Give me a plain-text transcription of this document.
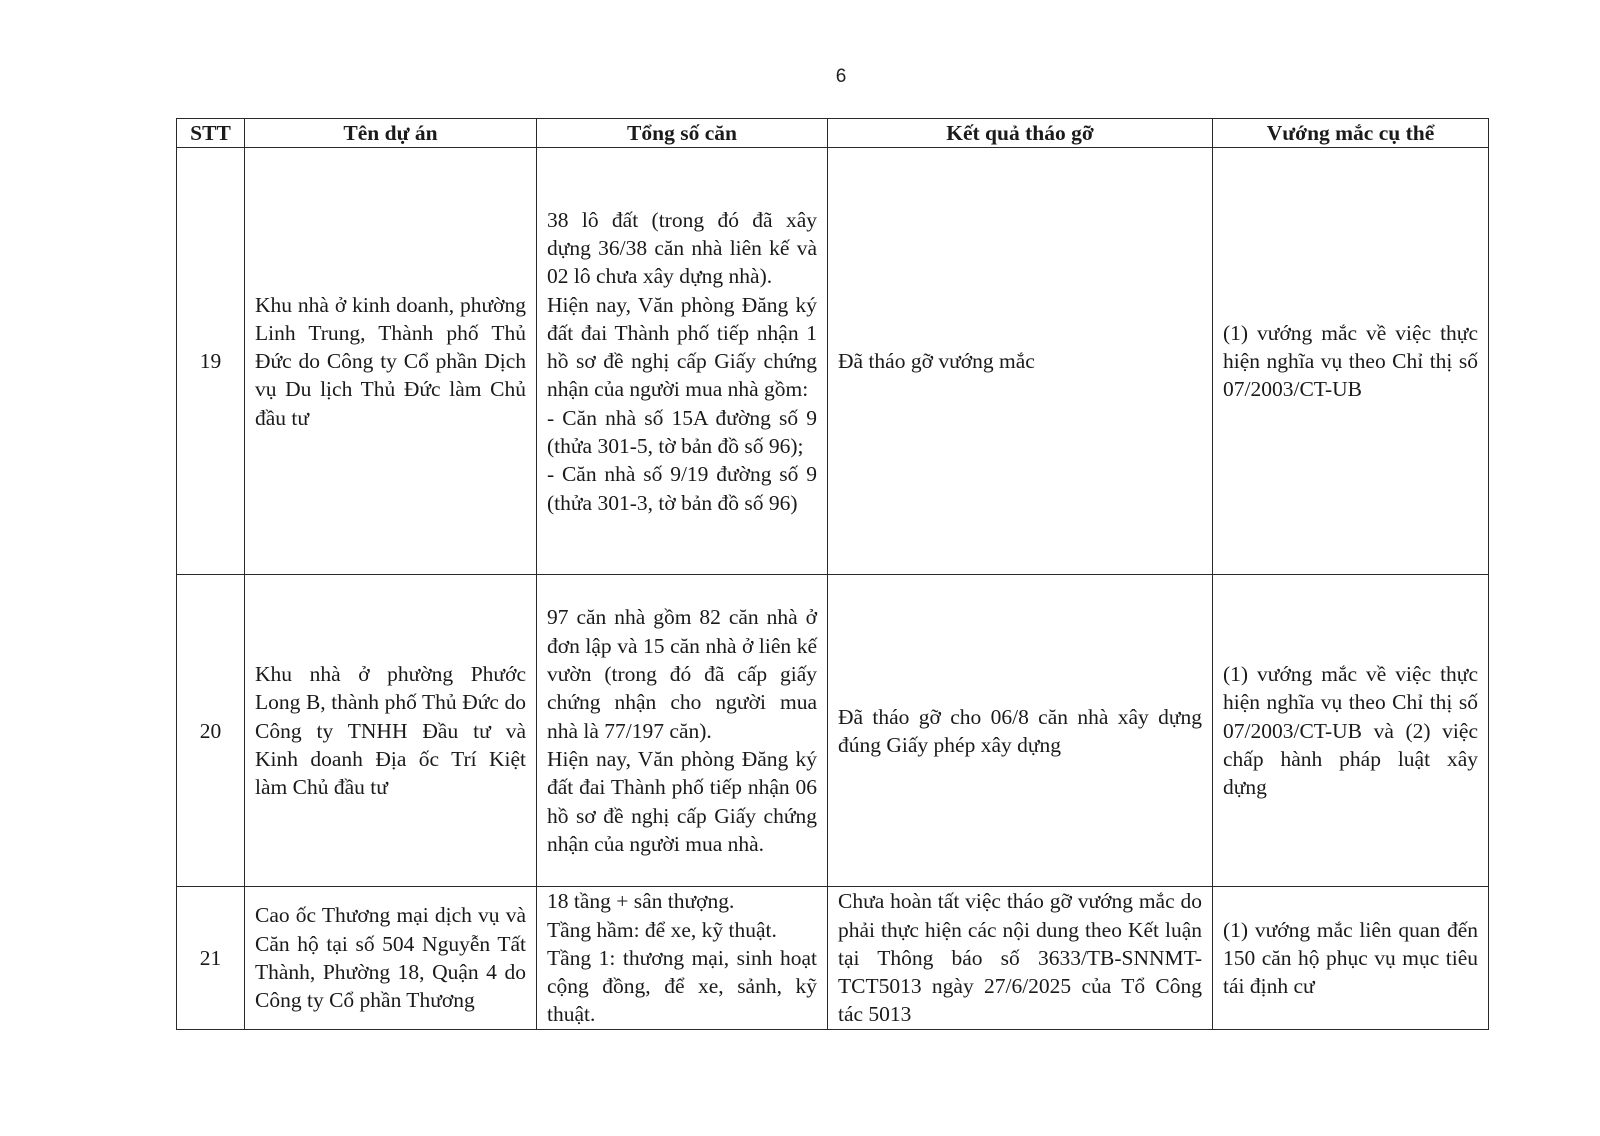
6
STT	Tên dự án	Tổng số căn	Kết quả tháo gỡ	Vướng mắc cụ thể
19	Khu nhà ở kinh doanh, phường Linh Trung, Thành phố Thủ Đức do Công ty Cổ phần Dịch vụ Du lịch Thủ Đức làm Chủ đầu tư	38 lô đất (trong đó đã xây dựng 36/38 căn nhà liên kế và 02 lô chưa xây dựng nhà).
Hiện nay, Văn phòng Đăng ký đất đai Thành phố tiếp nhận 1 hồ sơ đề nghị cấp Giấy chứng nhận của người mua nhà gồm:
- Căn nhà số 15A đường số 9 (thửa 301-5, tờ bản đồ số 96);
- Căn nhà số 9/19 đường số 9 (thửa 301-3, tờ bản đồ số 96)	Đã tháo gỡ vướng mắc	(1) vướng mắc về việc thực hiện nghĩa vụ theo Chỉ thị số 07/2003/CT-UB
20	Khu nhà ở phường Phước Long B, thành phố Thủ Đức do Công ty TNHH Đầu tư và Kinh doanh Địa ốc Trí Kiệt làm Chủ đầu tư	97 căn nhà gồm 82 căn nhà ở đơn lập và 15 căn nhà ở liên kế vườn (trong đó đã cấp giấy chứng nhận cho người mua nhà là 77/197 căn).
Hiện nay, Văn phòng Đăng ký đất đai Thành phố tiếp nhận 06 hồ sơ đề nghị cấp Giấy chứng nhận của người mua nhà.	Đã tháo gỡ cho 06/8 căn nhà xây dựng đúng Giấy phép xây dựng	(1) vướng mắc về việc thực hiện nghĩa vụ theo Chỉ thị số 07/2003/CT-UB và (2) việc chấp hành pháp luật xây dựng
21	Cao ốc Thương mại dịch vụ và Căn hộ tại số 504 Nguyễn Tất Thành, Phường 18, Quận 4 do Công ty Cổ phần Thương	18 tầng + sân thượng.
Tầng hầm: để xe, kỹ thuật.
Tầng 1: thương mại, sinh hoạt cộng đồng, để xe, sảnh, kỹ thuật.	Chưa hoàn tất việc tháo gỡ vướng mắc do phải thực hiện các nội dung theo Kết luận tại Thông báo số 3633/TB-SNNMT-TCT5013 ngày 27/6/2025 của Tổ Công tác 5013	(1) vướng mắc liên quan đến 150 căn hộ phục vụ mục tiêu tái định cư
